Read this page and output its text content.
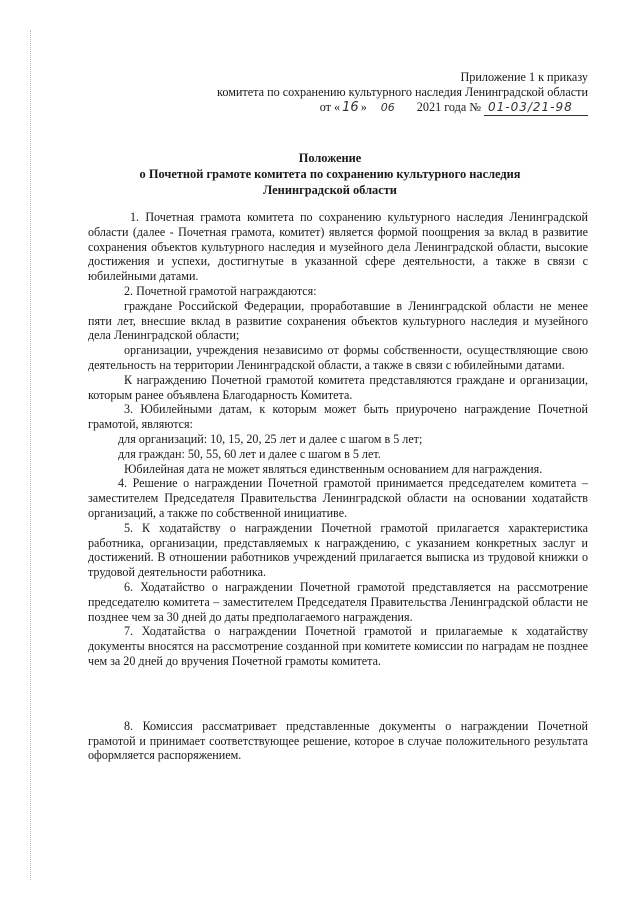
Приложение 1 к приказу
комитета по сохранению культурного наследия Ленинградской области
от « 16 » 06 2021 года № 01-03/21-98
Положение
о Почетной грамоте комитета по сохранению культурного наследия
Ленинградской области

1. Почетная грамота комитета по сохранению культурного наследия Ленинградской области (далее - Почетная грамота, комитет) является формой поощрения за вклад в развитие сохранения объектов культурного наследия и музейного дела Ленинградской области, высокие достижения и успехи, достигнутые в указанной сфере деятельности, а также в связи с юбилейными датами.

2. Почетной грамотой награждаются:

граждане Российской Федерации, проработавшие в Ленинградской области не менее пяти лет, внесшие вклад в развитие сохранения объектов культурного наследия и музейного дела Ленинградской области;

организации, учреждения независимо от формы собственности, осуществляющие свою деятельность на территории Ленинградской области, а также в связи с юбилейными датами.

К награждению Почетной грамотой комитета представляются граждане и организации, которым ранее объявлена Благодарность Комитета.

3. Юбилейными датам, к которым может быть приурочено награждение Почетной грамотой, являются:

для организаций: 10, 15, 20, 25 лет и далее с шагом в 5 лет;

для граждан: 50, 55, 60 лет и далее с шагом в 5 лет.

Юбилейная дата не может являться единственным основанием для награждения.

4. Решение о награждении Почетной грамотой принимается председателем комитета – заместителем Председателя Правительства Ленинградской области на основании ходатайств организаций, а также по собственной инициативе.

5. К ходатайству о награждении Почетной грамотой прилагается характеристика работника, организации, представляемых к награждению, с указанием конкретных заслуг и достижений. В отношении работников учреждений прилагается выписка из трудовой книжки о трудовой деятельности работника.

6. Ходатайство о награждении Почетной грамотой представляется на рассмотрение председателю комитета – заместителем Председателя Правительства Ленинградской области не позднее чем за 30 дней до даты предполагаемого награждения.

7. Ходатайства о награждении Почетной грамотой и прилагаемые к ходатайству документы вносятся на рассмотрение созданной при комитете комиссии по наградам не позднее чем за 20 дней до вручения Почетной грамоты комитета.

8. Комиссия рассматривает представленные документы о награждении Почетной грамотой и принимает соответствующее решение, которое в случае положительного результата оформляется распоряжением.
